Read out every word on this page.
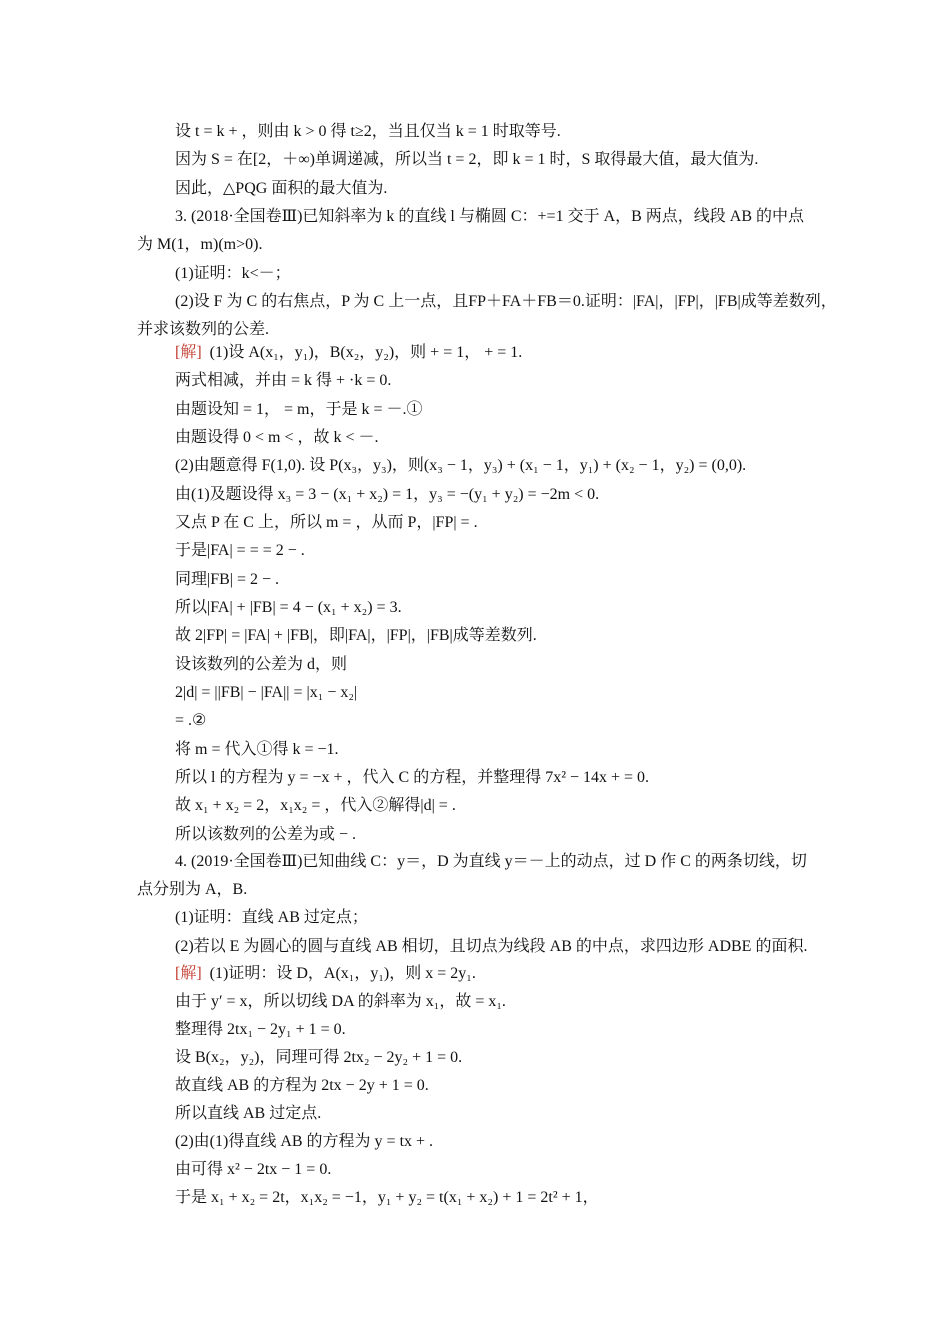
设 t = k + ，则由 k > 0 得 t≥2，当且仅当 k = 1 时取等号.
因为 S = 在[2，＋∞)单调递减，所以当 t = 2，即 k = 1 时，S 取得最大值，最大值为.
因此，△PQG 面积的最大值为.
3. (2018·全国卷Ⅲ)已知斜率为 k 的直线 l 与椭圆 C：+=1 交于 A，B 两点，线段 AB 的中点
为 M(1，m)(m>0).
(1)证明：k<－；
(2)设 F 为 C 的右焦点，P 为 C 上一点，且FP＋FA＋FB＝0.证明：|FA|，|FP|，|FB|成等差数列，
并求该数列的公差.
[解] (1)设 A(x₁，y₁)，B(x₂，y₂)，则 + = 1， + = 1.
两式相减，并由 = k 得 + ·k = 0.
由题设知 = 1， = m，于是 k = －.①
由题设得 0 < m < ，故 k < －.
(2)由题意得 F(1,0). 设 P(x₃，y₃)，则(x₃ − 1，y₃) + (x₁ − 1，y₁) + (x₂ − 1，y₂) = (0,0).
由(1)及题设得 x₃ = 3 − (x₁ + x₂) = 1，y₃ = −(y₁ + y₂) = −2m < 0.
又点 P 在 C 上，所以 m = ，从而 P，|FP| = .
于是|FA| = = = 2 − .
同理|FB| = 2 − .
所以|FA| + |FB| = 4 − (x₁ + x₂) = 3.
故 2|FP| = |FA| + |FB|，即|FA|，|FP|，|FB|成等差数列.
设该数列的公差为 d，则
2|d| = ||FB| − |FA|| = |x₁ − x₂|
= .②
将 m = 代入①得 k = −1.
所以 l 的方程为 y = −x + ，代入 C 的方程，并整理得 7x² − 14x + = 0.
故 x₁ + x₂ = 2，x₁x₂ = ，代入②解得|d| = .
所以该数列的公差为或 − .
4. (2019·全国卷Ⅲ)已知曲线 C：y＝，D 为直线 y＝－上的动点，过 D 作 C 的两条切线，切
点分别为 A，B.
(1)证明：直线 AB 过定点；
(2)若以 E 为圆心的圆与直线 AB 相切，且切点为线段 AB 的中点，求四边形 ADBE 的面积.
[解] (1)证明：设 D，A(x₁，y₁)，则 x = 2y₁.
由于 y′ = x，所以切线 DA 的斜率为 x₁，故 = x₁.
整理得 2tx₁ − 2y₁ + 1 = 0.
设 B(x₂，y₂)，同理可得 2tx₂ − 2y₂ + 1 = 0.
故直线 AB 的方程为 2tx − 2y + 1 = 0.
所以直线 AB 过定点.
(2)由(1)得直线 AB 的方程为 y = tx + .
由可得 x² − 2tx − 1 = 0.
于是 x₁ + x₂ = 2t，x₁x₂ = −1，y₁ + y₂ = t(x₁ + x₂) + 1 = 2t² + 1，
